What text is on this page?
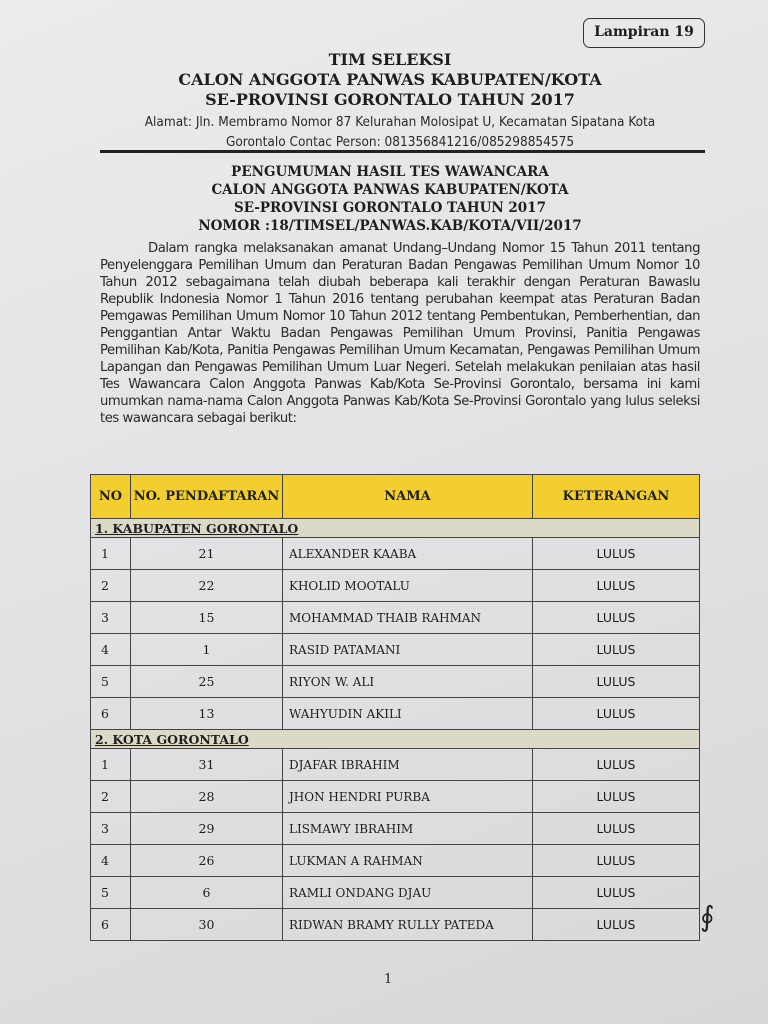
Lampiran 19
TIM SELEKSI
CALON ANGGOTA PANWAS KABUPATEN/KOTA
SE-PROVINSI GORONTALO TAHUN 2017
Alamat: Jln. Membramo Nomor 87 Kelurahan Molosipat U, Kecamatan Sipatana Kota
Gorontalo Contac Person: 081356841216/085298854575
PENGUMUMAN HASIL TES WAWANCARA
CALON ANGGOTA PANWAS KABUPATEN/KOTA
SE-PROVINSI GORONTALO TAHUN 2017
NOMOR :18/TIMSEL/PANWAS.KAB/KOTA/VII/2017

Dalam rangka melaksanakan amanat Undang–Undang Nomor 15 Tahun 2011 tentang Penyelenggara Pemilihan Umum dan Peraturan Badan Pengawas Pemilihan Umum Nomor 10 Tahun 2012 sebagaimana telah diubah beberapa kali terakhir dengan Peraturan Bawaslu Republik Indonesia Nomor 1 Tahun 2016 tentang perubahan keempat atas Peraturan Badan Pemgawas Pemilihan Umum Nomor 10 Tahun 2012 tentang Pembentukan, Pemberhentian, dan Penggantian Antar Waktu Badan Pengawas Pemilihan Umum Provinsi, Panitia Pengawas Pemilihan Kab/Kota, Panitia Pengawas Pemilihan Umum Kecamatan, Pengawas Pemilihan Umum Lapangan dan Pengawas Pemilihan Umum Luar Negeri. Setelah melakukan penilaian atas hasil Tes Wawancara Calon Anggota Panwas Kab/Kota Se-Provinsi Gorontalo, bersama ini kami umumkan nama-nama Calon Anggota Panwas Kab/Kota Se-Provinsi Gorontalo yang lulus seleksi tes wawancara sebagai berikut:

NO	NO. PENDAFTARAN	NAMA	KETERANGAN
1. KABUPATEN GORONTALO			
1	21	ALEXANDER KAABA	LULUS
2	22	KHOLID MOOTALU	LULUS
3	15	MOHAMMAD THAIB RAHMAN	LULUS
4	1	RASID PATAMANI	LULUS
5	25	RIYON W. ALI	LULUS
6	13	WAHYUDIN AKILI	LULUS
2. KOTA GORONTALO			
1	31	DJAFAR IBRAHIM	LULUS
2	28	JHON HENDRI PURBA	LULUS
3	29	LISMAWY IBRAHIM	LULUS
4	26	LUKMAN A RAHMAN	LULUS
5	6	RAMLI ONDANG DJAU	LULUS
6	30	RIDWAN BRAMY RULLY PATEDA	LULUS
1
∮
